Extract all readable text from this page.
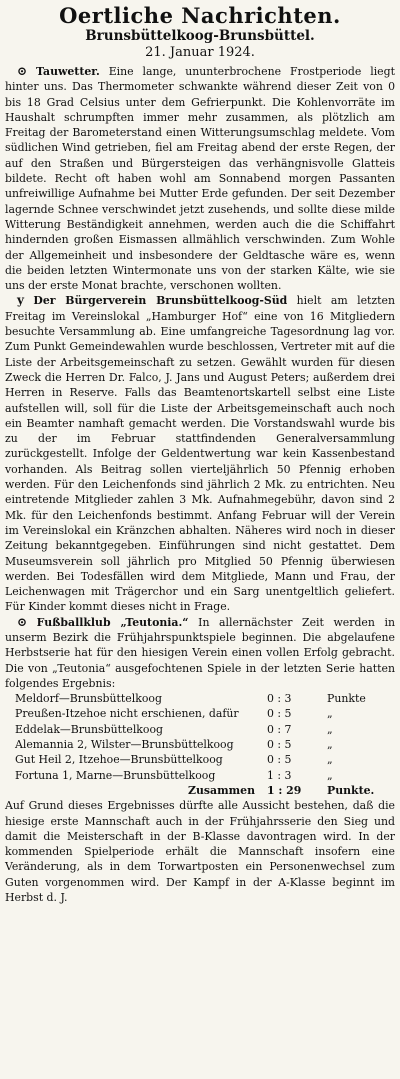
Oertliche Nachrichten.
Brunsbüttelkoog-Brunsbüttel.
21. Januar 1924.

⊙ Tauwetter. Eine lange, ununterbrochene Frostperiode liegt hinter uns. Das Thermometer schwankte während dieser Zeit von 0 bis 18 Grad Celsius unter dem Gefrierpunkt. Die Kohlenvorräte im Haushalt schrumpften immer mehr zusammen, als plötzlich am Freitag der Barometerstand einen Witterungsumschlag meldete. Vom südlichen Wind getrieben, fiel am Freitag abend der erste Regen, der auf den Straßen und Bürgersteigen das verhängnisvolle Glatteis bildete. Recht oft haben wohl am Sonnabend morgen Passanten unfreiwillige Aufnahme bei Mutter Erde gefunden. Der seit Dezember lagernde Schnee verschwindet jetzt zusehends, und sollte diese milde Witterung Beständigkeit annehmen, werden auch die die Schiffahrt hindernden großen Eismassen allmählich verschwinden. Zum Wohle der Allgemeinheit und insbesondere der Geldtasche wäre es, wenn die beiden letzten Wintermonate uns von der starken Kälte, wie sie uns der erste Monat brachte, verschonen wollten.

y Der Bürgerverein Brunsbüttelkoog-Süd hielt am letzten Freitag im Vereinslokal „Hamburger Hof“ eine von 16 Mitgliedern besuchte Versammlung ab. Eine umfangreiche Tagesordnung lag vor. Zum Punkt Gemeindewahlen wurde beschlossen, Vertreter mit auf die Liste der Arbeitsgemeinschaft zu setzen. Gewählt wurden für diesen Zweck die Herren Dr. Falco, J. Jans und August Peters; außerdem drei Herren in Reserve. Falls das Beamtenortskartell selbst eine Liste aufstellen will, soll für die Liste der Arbeitsgemeinschaft auch noch ein Beamter namhaft gemacht werden. Die Vorstandswahl wurde bis zu der im Februar stattfindenden Generalversammlung zurückgestellt. Infolge der Geldentwertung war kein Kassenbestand vorhanden. Als Beitrag sollen vierteljährlich 50 Pfennig erhoben werden. Für den Leichenfonds sind jährlich 2 Mk. zu entrichten. Neu eintretende Mitglieder zahlen 3 Mk. Aufnahmegebühr, davon sind 2 Mk. für den Leichenfonds bestimmt. Anfang Februar will der Verein im Vereinslokal ein Kränzchen abhalten. Näheres wird noch in dieser Zeitung bekanntgegeben. Einführungen sind nicht gestattet. Dem Museumsverein soll jährlich pro Mitglied 50 Pfennig überwiesen werden. Bei Todesfällen wird dem Mitgliede, Mann und Frau, der Leichenwagen mit Trägerchor und ein Sarg unentgeltlich geliefert. Für Kinder kommt dieses nicht in Frage.

⊙ Fußballklub „Teutonia.“ In allernächster Zeit werden in unserm Bezirk die Frühjahrspunktspiele beginnen. Die abgelaufene Herbstserie hat für den hiesigen Verein einen vollen Erfolg gebracht. Die von „Teutonia“ ausgefochtenen Spiele in der letzten Serie hatten folgendes Ergebnis:

Meldorf—Brunsbüttelkoog	0 : 3	Punkte
Preußen-Itzehoe nicht erschienen, dafür	0 : 5	„
Eddelak—Brunsbüttelkoog	0 : 7	„
Alemannia 2, Wilster—Brunsbüttelkoog	0 : 5	„
Gut Heil 2, Itzehoe—Brunsbüttelkoog	0 : 5	„
Fortuna 1, Marne—Brunsbüttelkoog	1 : 3	„
Zusammen	1 : 29	Punkte.

Auf Grund dieses Ergebnisses dürfte alle Aussicht bestehen, daß die hiesige erste Mannschaft auch in der Frühjahrsserie den Sieg und damit die Meisterschaft in der B-Klasse davontragen wird. In der kommenden Spielperiode erhält die Mannschaft insofern eine Veränderung, als in dem Torwartposten ein Personenwechsel zum Guten vorgenommen wird. Der Kampf in der A-Klasse beginnt im Herbst d. J.
